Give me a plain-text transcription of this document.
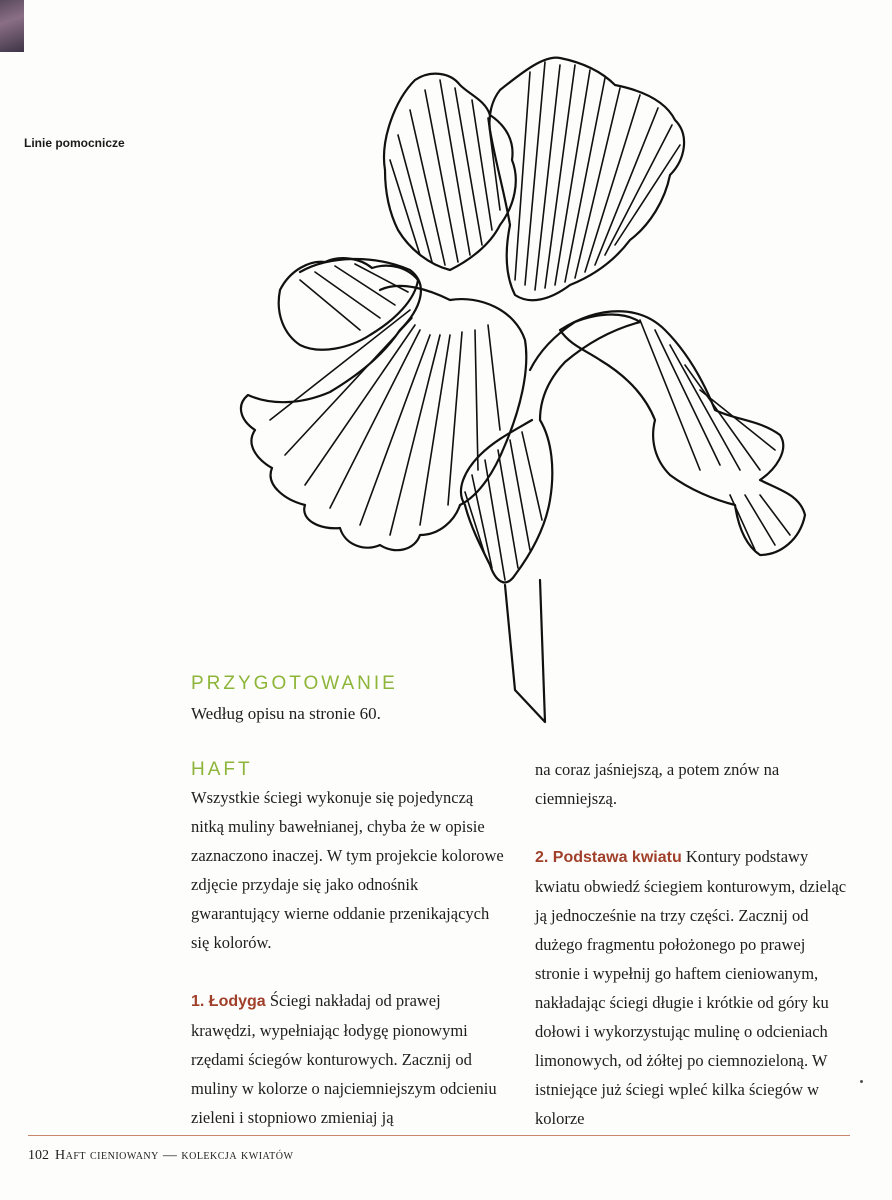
Linie pomocnicze

PRZYGOTOWANIE

Według opisu na stronie 60.

HAFT

Wszystkie ściegi wykonuje się pojedynczą nitką muliny bawełnianej, chyba że w opisie zaznaczono inaczej. W tym projekcie kolorowe zdjęcie przydaje się jako odnośnik gwarantujący wierne oddanie przenikających się kolorów.

1. Łodyga Ściegi nakładaj od prawej krawędzi, wypełniając łodygę pionowymi rzędami ściegów konturowych. Zacznij od muliny w kolorze o najciemniejszym odcieniu zieleni i stopniowo zmieniaj ją

na coraz jaśniejszą, a potem znów na ciemniejszą.

2. Podstawa kwiatu Kontury podstawy kwiatu obwiedź ściegiem konturowym, dzieląc ją jednocześnie na trzy części. Zacznij od dużego fragmentu położonego po prawej stronie i wypełnij go haftem cieniowanym, nakładając ściegi długie i krótkie od góry ku dołowi i wykorzystując mulinę o odcieniach limonowych, od żółtej po ciemnozieloną. W istniejące już ściegi wpleć kilka ściegów w kolorze

102 Haft cieniowany — kolekcja kwiatów
